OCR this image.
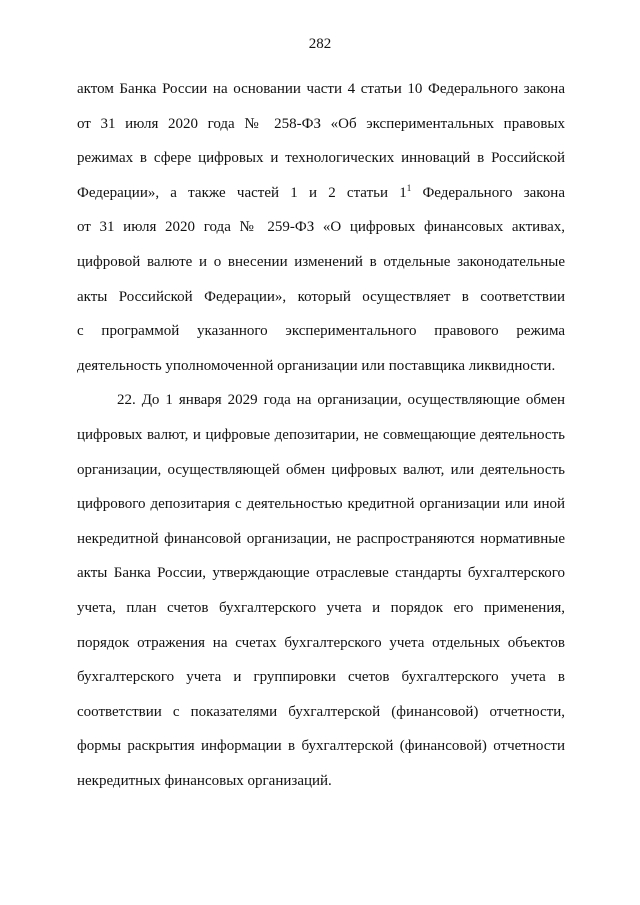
282

актом Банка России на основании части 4 статьи 10 Федерального закона
от 31 июля 2020 года № 258-ФЗ «Об экспериментальных правовых
режимах в сфере цифровых и технологических инноваций в Российской
Федерации», а также частей 1 и 2 статьи $1^1$ Федерального закона
от 31 июля 2020 года № 259-ФЗ «О цифровых финансовых активах,
цифровой валюте и о внесении изменений в отдельные законодательные
акты Российской Федерации», который осуществляет в соответствии
с программой указанного экспериментального правового режима
деятельность уполномоченной организации или поставщика ликвидности.

22. До 1 января 2029 года на организации, осуществляющие обмен
цифровых валют, и цифровые депозитарии, не совмещающие деятельность
организации, осуществляющей обмен цифровых валют, или деятельность
цифрового депозитария с деятельностью кредитной организации или иной
некредитной финансовой организации, не распространяются нормативные
акты Банка России, утверждающие отраслевые стандарты бухгалтерского
учета, план счетов бухгалтерского учета и порядок его применения,
порядок отражения на счетах бухгалтерского учета отдельных объектов
бухгалтерского учета и группировки счетов бухгалтерского учета в
соответствии с показателями бухгалтерской (финансовой) отчетности,
формы раскрытия информации в бухгалтерской (финансовой) отчетности
некредитных финансовых организаций.
